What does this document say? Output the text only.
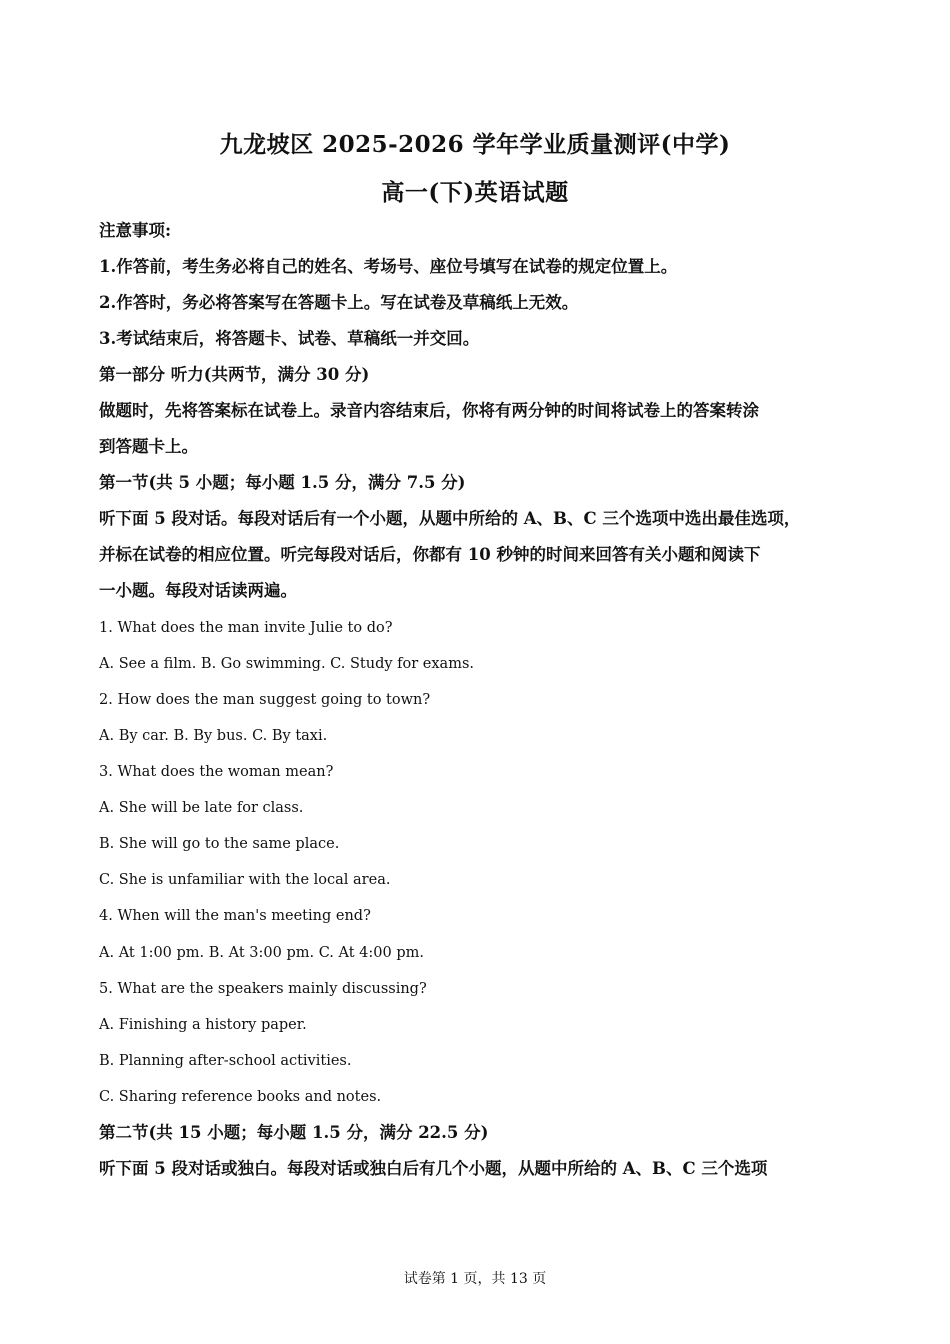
九龙坡区 2025-2026 学年学业质量测评(中学)
高一(下)英语试题
注意事项:
1.作答前，考生务必将自己的姓名、考场号、座位号填写在试卷的规定位置上。
2.作答时，务必将答案写在答题卡上。写在试卷及草稿纸上无效。
3.考试结束后，将答题卡、试卷、草稿纸一并交回。
第一部分 听力(共两节，满分 30 分)
做题时，先将答案标在试卷上。录音内容结束后，你将有两分钟的时间将试卷上的答案转涂
到答题卡上。
第一节(共 5 小题；每小题 1.5 分，满分 7.5 分)
听下面 5 段对话。每段对话后有一个小题，从题中所给的 A、B、C 三个选项中选出最佳选项，
并标在试卷的相应位置。听完每段对话后，你都有 10 秒钟的时间来回答有关小题和阅读下
一小题。每段对话读两遍。
1. What does the man invite Julie to do?
A. See a film. B. Go swimming. C. Study for exams.
2. How does the man suggest going to town?
A. By car. B. By bus. C. By taxi.
3. What does the woman mean?
A. She will be late for class.
B. She will go to the same place.
C. She is unfamiliar with the local area.
4. When will the man's meeting end?
A. At 1:00 pm. B. At 3:00 pm. C. At 4:00 pm.
5. What are the speakers mainly discussing?
A. Finishing a history paper.
B. Planning after-school activities.
C. Sharing reference books and notes.
第二节(共 15 小题；每小题 1.5 分，满分 22.5 分)
听下面 5 段对话或独白。每段对话或独白后有几个小题，从题中所给的 A、B、C 三个选项
试卷第 1 页，共 13 页
